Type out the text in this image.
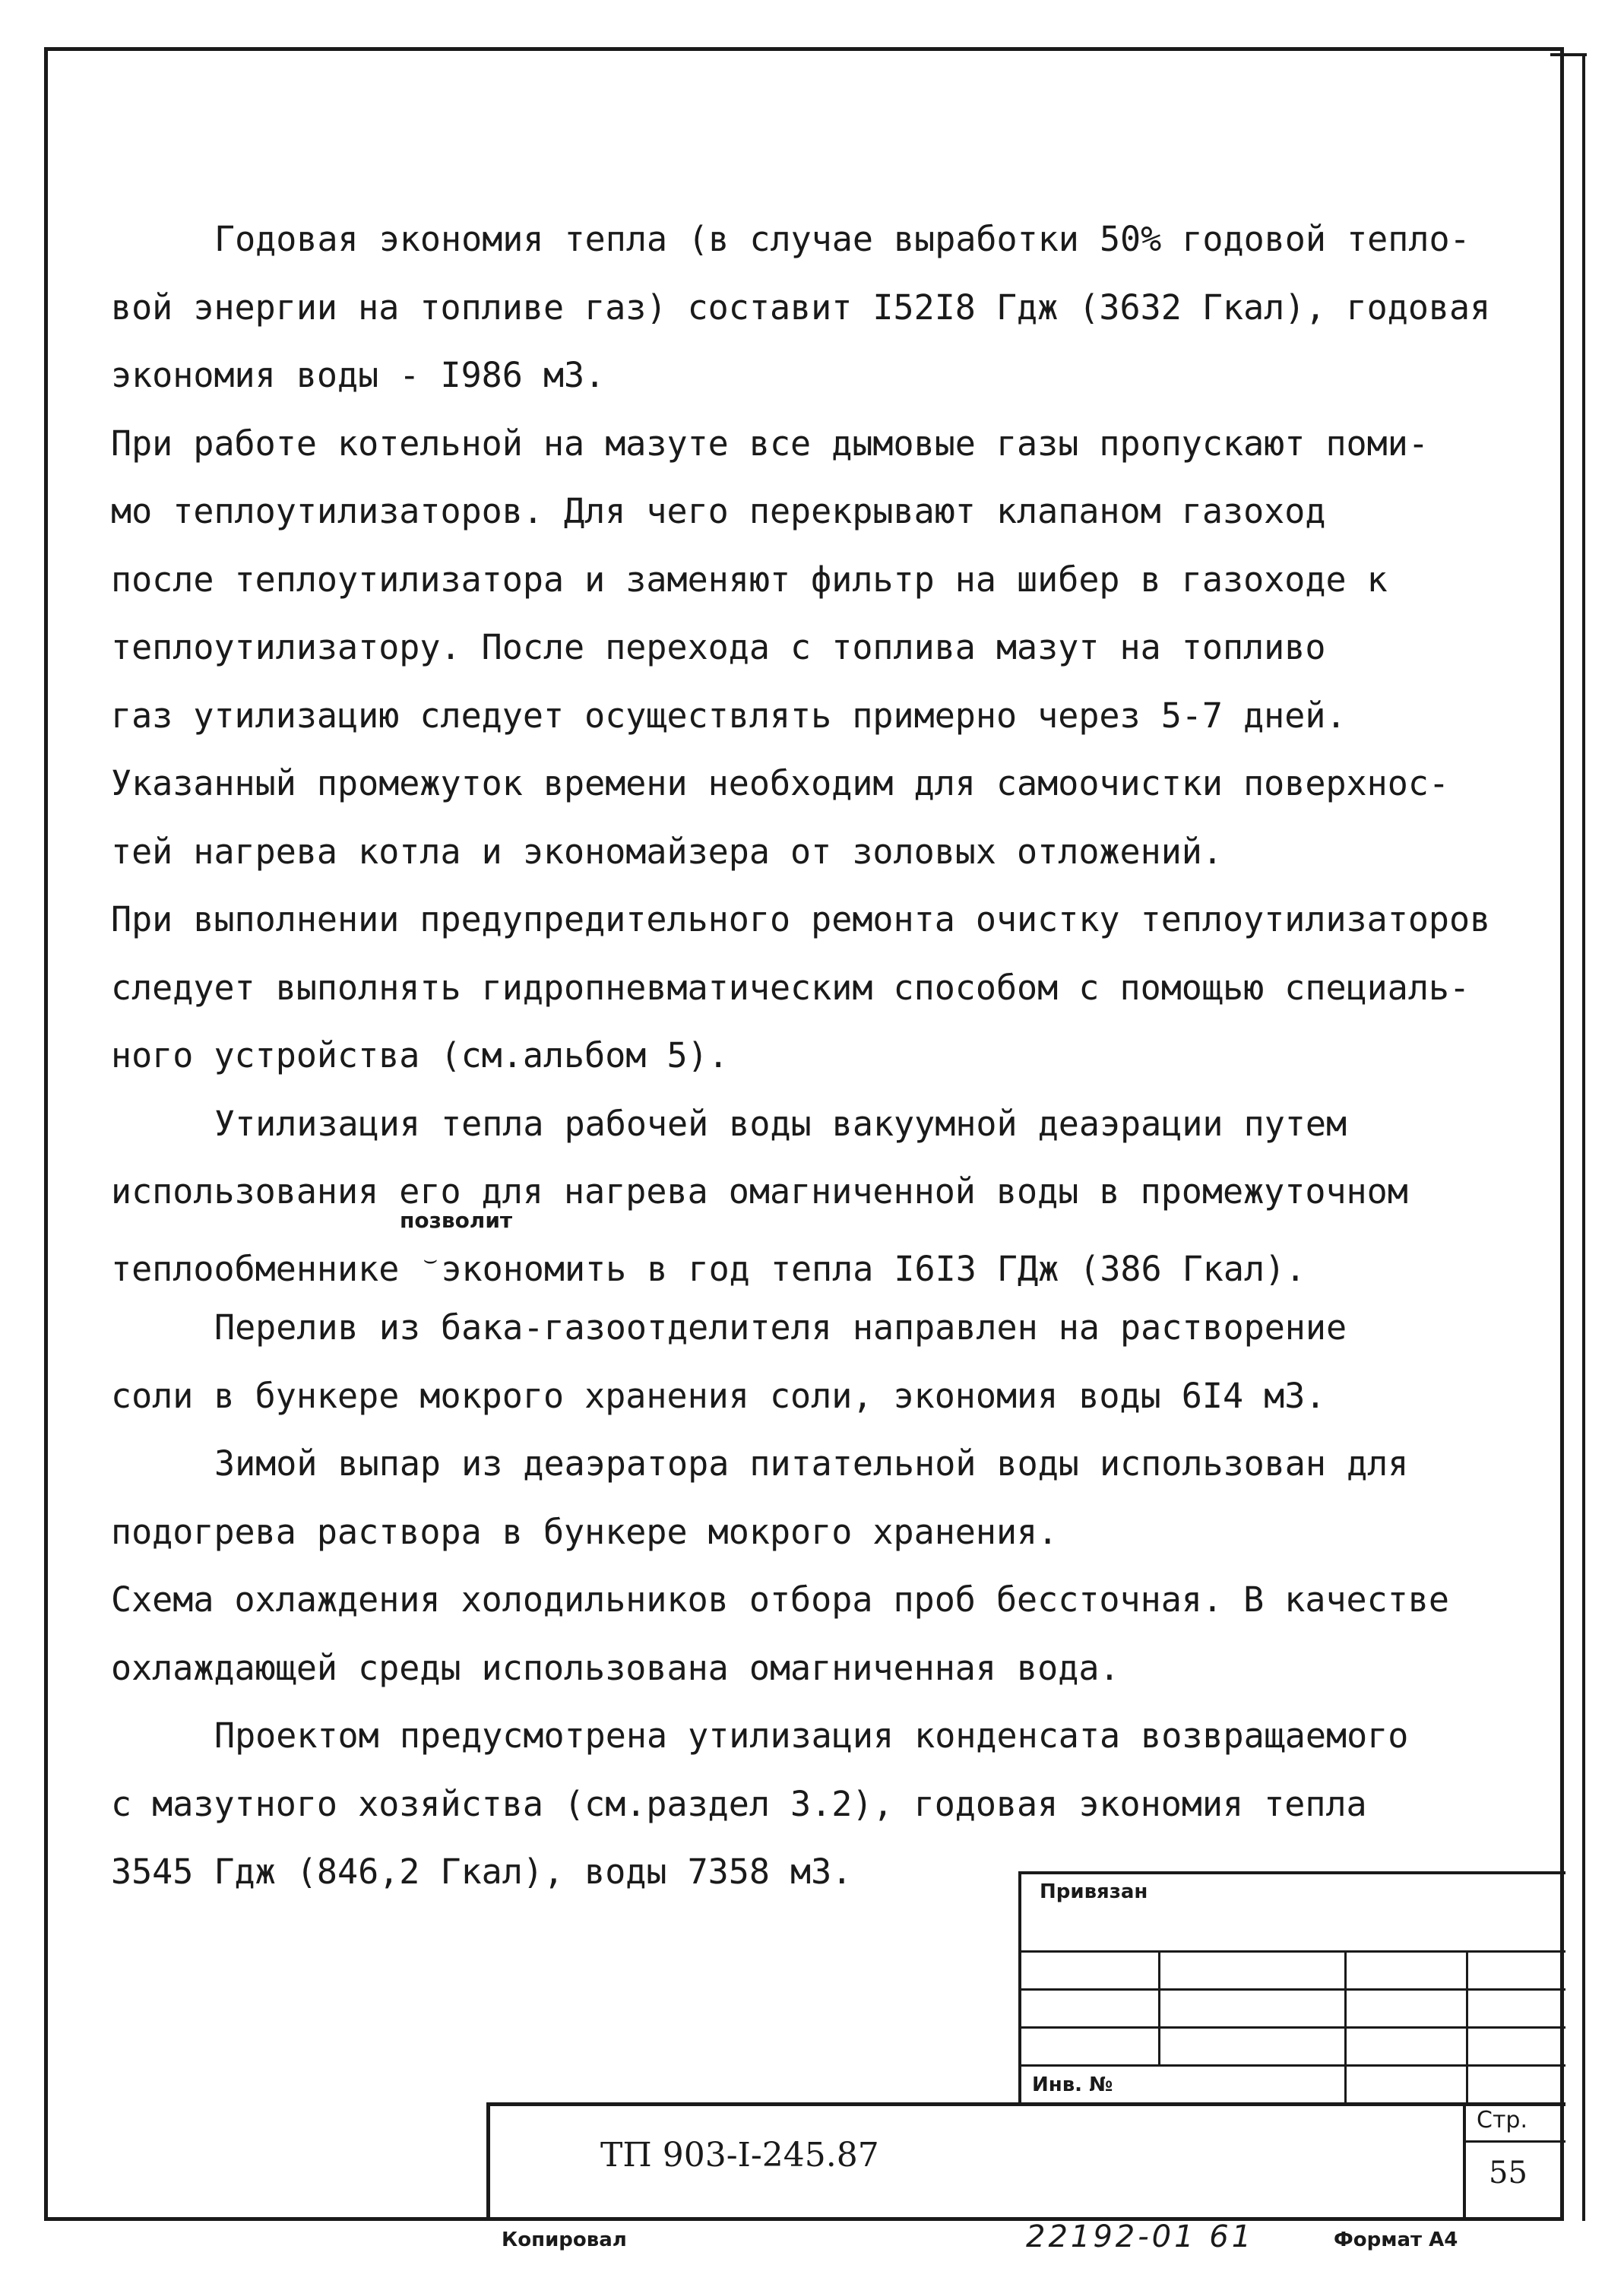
Годовая экономия тепла (в случае выработки 50% годовой тепло-
вой энергии на топливе газ) составит I52I8 Гдж (3632 Гкал), годовая
экономия воды - I986 м3.
При работе котельной на мазуте все дымовые газы пропускают поми-
мо теплоутилизаторов. Для чего перекрывают клапаном газоход
после теплоутилизатора и заменяют фильтр на шибер в газоходе к
теплоутилизатору. После перехода с топлива мазут на топливо
газ утилизацию следует осуществлять примерно через 5-7 дней.
Указанный промежуток времени необходим для самоочистки поверхнос-
тей нагрева котла и экономайзера от золовых отложений.
При выполнении предупредительного ремонта очистку теплоутилизаторов
следует выполнять гидропневматическим способом с помощью специаль-
ного устройства (см.альбом 5).
Утилизация тепла рабочей воды вакуумной деаэрации путем
использования его для нагрева омагниченной воды в промежуточном
теплообменнике
позволит
⌣экономить в год тепла I6I3 ГДж (386 Гкал).
Перелив из бака-газоотделителя направлен на растворение
соли в бункере мокрого хранения соли, экономия воды 6I4 м3.
Зимой выпар из деаэратора питательной воды использован для
подогрева раствора в бункере мокрого хранения.
Схема охлаждения холодильников отбора проб бессточная. В качестве
охлаждающей среды использована омагниченная вода.
Проектом предусмотрена утилизация конденсата возвращаемого
с мазутного хозяйства (см.раздел 3.2), годовая экономия тепла
3545 Гдж (846,2 Гкал), воды 7358 м3.	Привязан
Инв. №
ТП 903-I-245.87
Стр.
55
Копировал	22192-01 61	Формат А4
